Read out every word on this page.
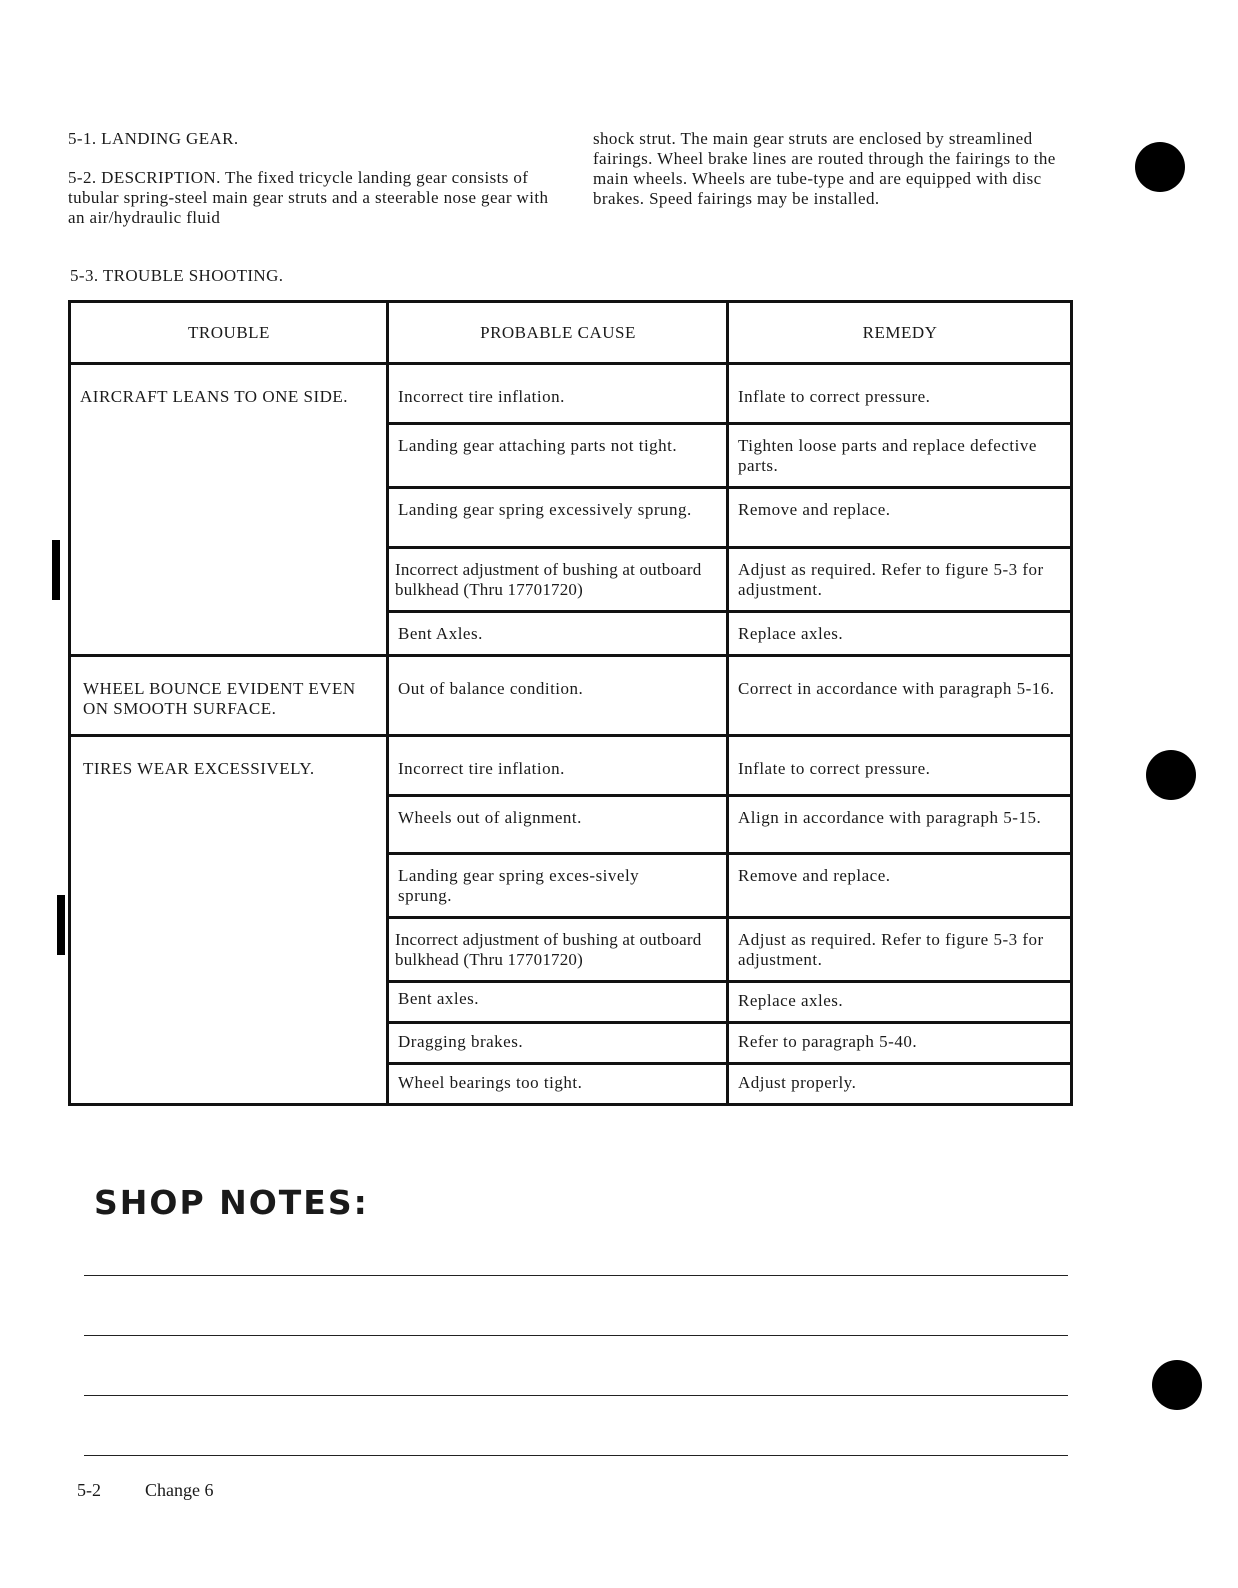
5-1. LANDING GEAR.

5-2. DESCRIPTION. The fixed tricycle landing gear consists of tubular spring-steel main gear struts and a steerable nose gear with an air/hydraulic fluid

shock strut. The main gear struts are enclosed by streamlined fairings. Wheel brake lines are routed through the fairings to the main wheels. Wheels are tube-type and are equipped with disc brakes. Speed fairings may be installed.

5-3. TROUBLE SHOOTING.
TROUBLE	PROBABLE CAUSE	REMEDY
AIRCRAFT LEANS TO ONE SIDE.	Incorrect tire inflation.	Inflate to correct pressure.
	Landing gear attaching parts not tight.	Tighten loose parts and replace defective parts.
	Landing gear spring excessively sprung.	Remove and replace.
	Incorrect adjustment of bushing at outboard bulkhead (Thru 17701720)	Adjust as required. Refer to figure 5-3 for adjustment.
	Bent Axles.	Replace axles.
WHEEL BOUNCE EVIDENT EVEN ON SMOOTH SURFACE.	Out of balance condition.	Correct in accordance with paragraph 5-16.
TIRES WEAR EXCESSIVELY.	Incorrect tire inflation.	Inflate to correct pressure.
	Wheels out of alignment.	Align in accordance with paragraph 5-15.
	Landing gear spring exces-sively sprung.	Remove and replace.
	Incorrect adjustment of bushing at outboard bulkhead (Thru 17701720)	Adjust as required. Refer to figure 5-3 for adjustment.
	Bent axles.	Replace axles.
	Dragging brakes.	Refer to paragraph 5-40.
	Wheel bearings too tight.	Adjust properly.
SHOP NOTES:
5-2 Change 6
